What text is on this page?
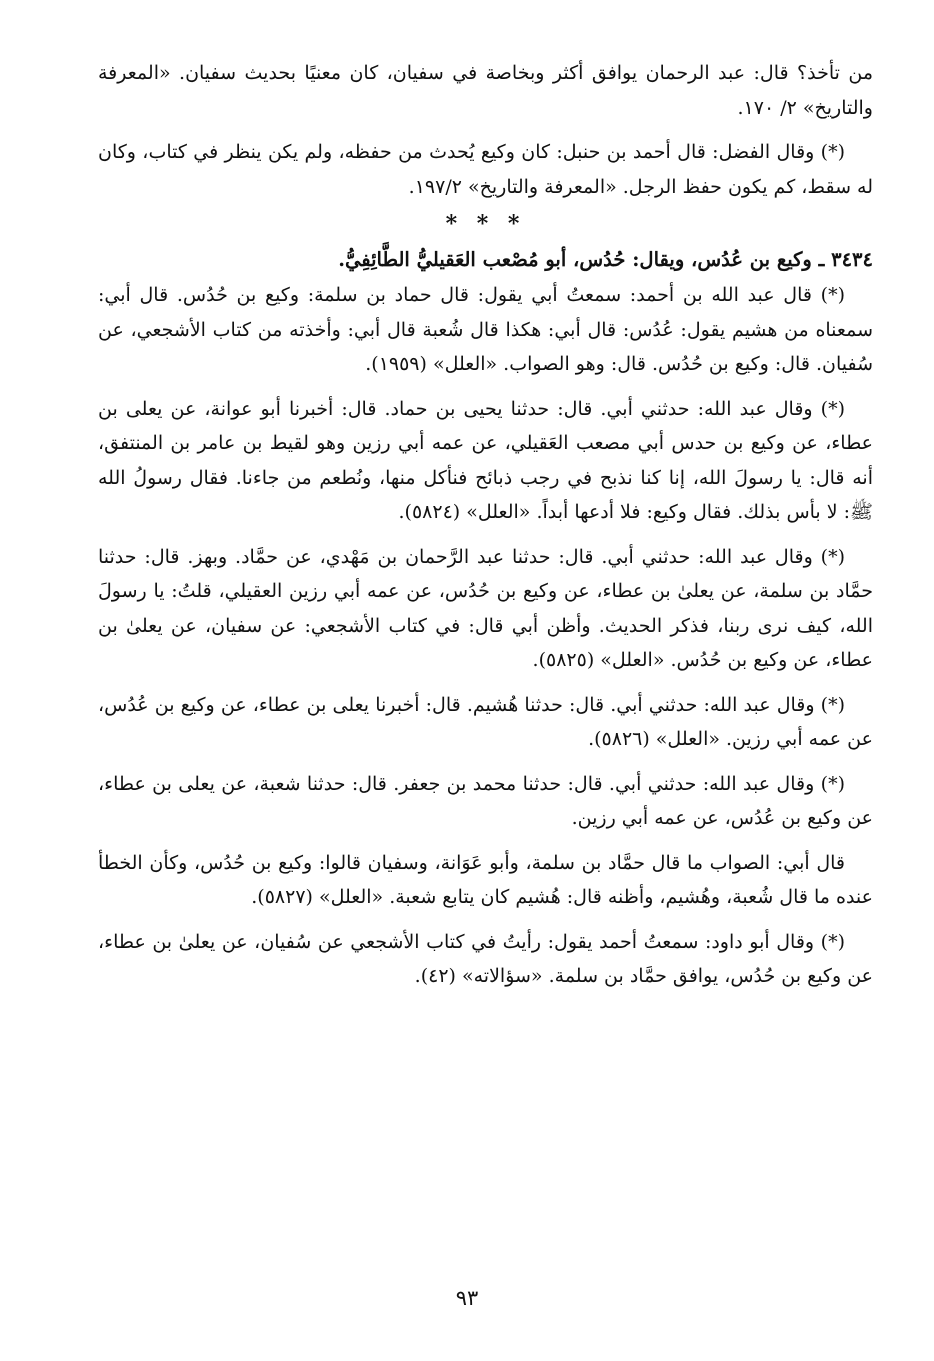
من تأخذ؟ قال: عبد الرحمان يوافق أكثر وبخاصة في سفيان، كان معنيًا بحديث سفيان. «المعرفة والتاريخ» ٢/ ١٧٠.

(*) وقال الفضل: قال أحمد بن حنبل: كان وكيع يُحدث من حفظه، ولم يكن ينظر في كتاب، وكان له سقط، كم يكون حفظ الرجل. «المعرفة والتاريخ» ١٩٧/٢.

* * *

٣٤٣٤ ـ وكيع بن عُدُس، ويقال: حُدُس، أبو مُصْعب العَقيليُّ الطَّائِفِيُّ.

(*) قال عبد الله بن أحمد: سمعتُ أبي يقول: قال حماد بن سلمة: وكيع بن حُدُس. قال أبي: سمعناه من هشيم يقول: عُدُس: قال أبي: هكذا قال شُعبة قال أبي: وأخذته من كتاب الأشجعي، عن سُفيان. قال: وكيع بن حُدُس. قال: وهو الصواب. «العلل» (١٩٥٩).

(*) وقال عبد الله: حدثني أبي. قال: حدثنا يحيى بن حماد. قال: أخبرنا أبو عوانة، عن يعلى بن عطاء، عن وكيع بن حدس أبي مصعب العَقيلي، عن عمه أبي رزين وهو لقيط بن عامر بن المنتفق، أنه قال: يا رسولَ الله، إنا كنا نذبح في رجب ذبائح فنأكل منها، ونُطعم من جاءنا. فقال رسولُ الله ﷺ: لا بأس بذلك. فقال وكيع: فلا أدعها أبداً. «العلل» (٥٨٢٤).

(*) وقال عبد الله: حدثني أبي. قال: حدثنا عبد الرَّحمان بن مَهْدي، عن حمَّاد. وبهز. قال: حدثنا حمَّاد بن سلمة، عن يعلىٰ بن عطاء، عن وكيع بن حُدُس، عن عمه أبي رزين العقيلي، قلتُ: يا رسولَ الله، كيف نرى ربنا، فذكر الحديث. وأظن أبي قال: في كتاب الأشجعي: عن سفيان، عن يعلىٰ بن عطاء، عن وكيع بن حُدُس. «العلل» (٥٨٢٥).

(*) وقال عبد الله: حدثني أبي. قال: حدثنا هُشيم. قال: أخبرنا يعلى بن عطاء، عن وكيع بن عُدُس، عن عمه أبي رزين. «العلل» (٥٨٢٦).

(*) وقال عبد الله: حدثني أبي. قال: حدثنا محمد بن جعفر. قال: حدثنا شعبة، عن يعلى بن عطاء، عن وكيع بن عُدُس، عن عمه أبي رزين.

قال أبي: الصواب ما قال حمَّاد بن سلمة، وأبو عَوَانة، وسفيان قالوا: وكيع بن حُدُس، وكأن الخطأ عنده ما قال شُعبة، وهُشيم، وأظنه قال: هُشيم كان يتابع شعبة. «العلل» (٥٨٢٧).

(*) وقال أبو داود: سمعتُ أحمد يقول: رأيتُ في كتاب الأشجعي عن سُفيان، عن يعلىٰ بن عطاء، عن وكيع بن حُدُس، يوافق حمَّاد بن سلمة. «سؤالاته» (٤٢).

٩٣
